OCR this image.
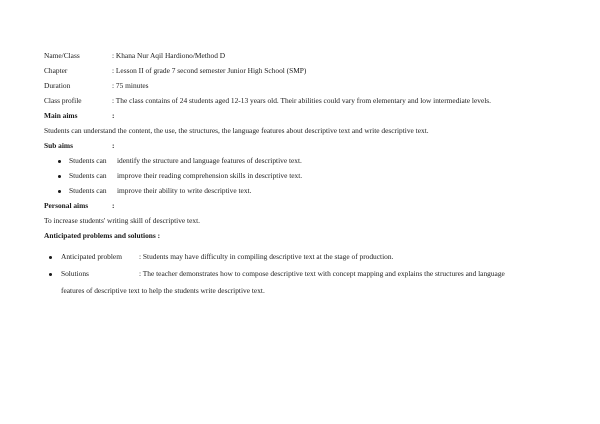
Name/Class	: Khana Nur Aqil Hardiono/Method D
Chapter	: Lesson II of grade 7 second semester Junior High School (SMP)
Duration	: 75 minutes
Class profile	: The class contains of 24 students aged 12-13 years old. Their abilities could vary from elementary and low intermediate levels.
Main aims	:
Students can understand the content, the use, the structures, the language features about descriptive text and write descriptive text.
Sub aims	:
Students can identify the structure and language features of descriptive text.
Students can improve their reading comprehension skills in descriptive text.
Students can improve their ability to write descriptive text.
Personal aims	:
To increase students' writing skill of descriptive text.
Anticipated problems and solutions :
Anticipated problem : Students may have difficulty in compiling descriptive text at the stage of production.
Solutions	: The teacher demonstrates how to compose descriptive text with concept mapping and explains the structures and language
features of descriptive text to help the students write descriptive text.
